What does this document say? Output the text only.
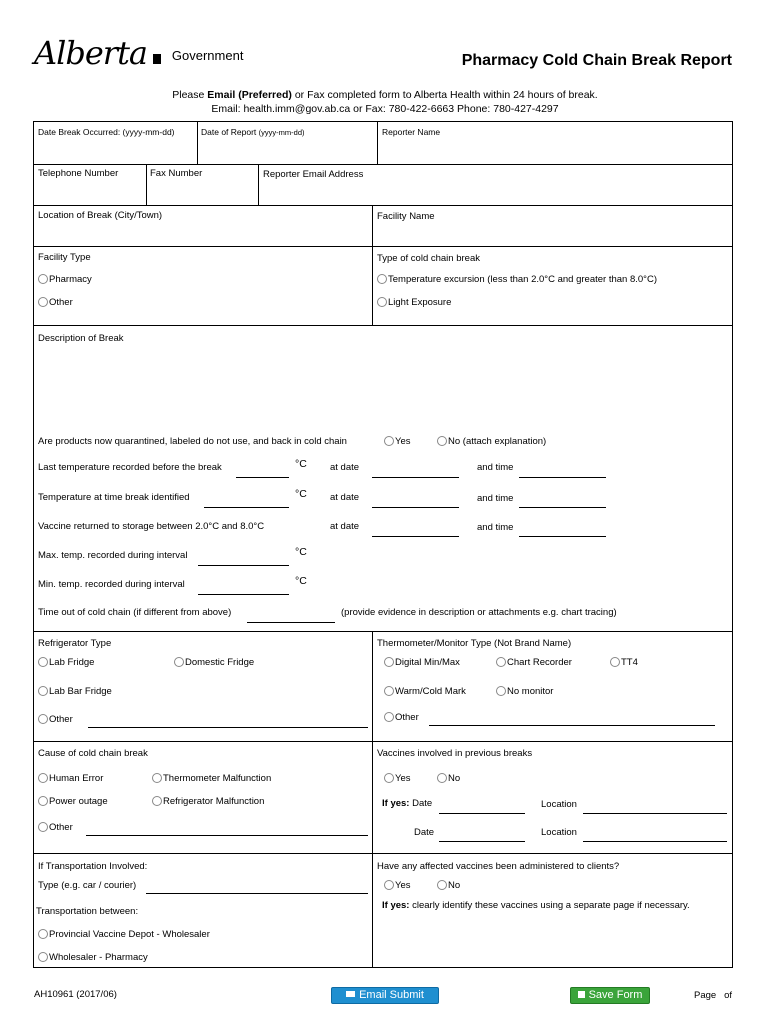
Alberta $^{Government}$	Pharmacy Cold Chain Break Report
Please Email (Preferred) or Fax completed form to Alberta Health within 24 hours of break.
Email: health.imm@gov.ab.ca or Fax: 780-422-6663 Phone: 780-427-4297
Date Break Occurred: (yyyy-mm-dd)	Date of Report (yyyy-mm-dd)	Reporter Name
Telephone Number	Fax Number	Reporter Email Address
Location of Break (City/Town)	Facility Name
Facility Type
Pharmacy
Other
Type of cold chain break
Temperature excursion (less than 2.0°C and greater than 8.0°C)
Light Exposure
Description of Break
Are products now quarantined, labeled do not use, and back in cold chain	Yes	No (attach explanation)
Last temperature recorded before the break	°C at date	and time
Temperature at time break identified	°C at date	and time
Vaccine returned to storage between 2.0°C and 8.0°C	at date	and time
Max. temp. recorded during interval	°C
Min. temp. recorded during interval	°C
Time out of cold chain (if different from above)	(provide evidence in description or attachments e.g. chart tracing)
Refrigerator Type
Lab Fridge	Domestic Fridge
Lab Bar Fridge
Other
Thermometer/Monitor Type (Not Brand Name)
Digital Min/Max	Chart Recorder	TT4
Warm/Cold Mark	No monitor
Other
Cause of cold chain break
Human Error	Thermometer Malfunction
Power outage	Refrigerator Malfunction
Other
Vaccines involved in previous breaks
Yes	No
If yes: Date	Location
Date	Location
If Transportation Involved:
Type (e.g. car / courier)
Transportation between:
Provincial Vaccine Depot - Wholesaler
Wholesaler - Pharmacy
Have any affected vaccines been administered to clients?
Yes	No
If yes: clearly identify these vaccines using a separate page if necessary.
AH10961 (2017/06)	Email Submit	Save Form	Page of
